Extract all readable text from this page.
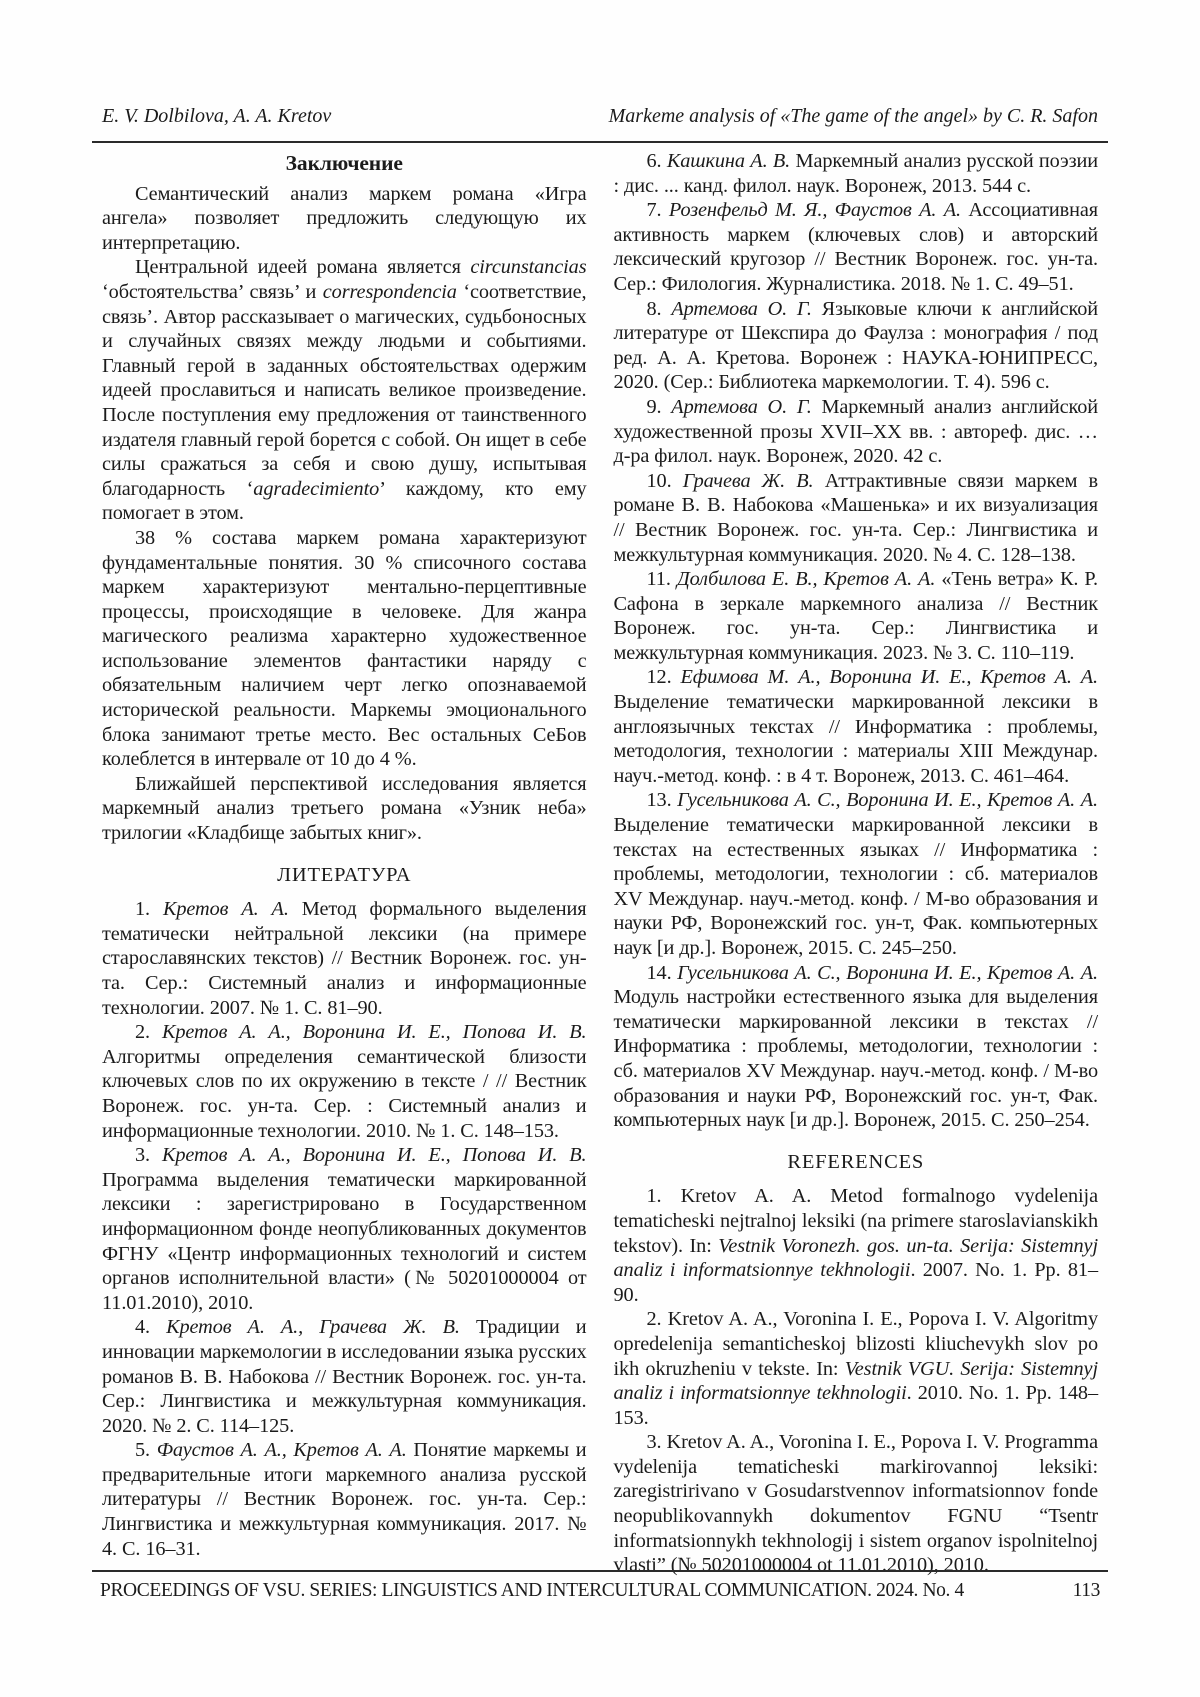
E. V. Dolbilova, A. A. Kretov	Markeme analysis of «The game of the angel» by C. R. Safon
Заключение

Семантический анализ маркем романа «Игра ангела» позволяет предложить следующую их интерпретацию.

Центральной идеей романа является circunstancias ‘обстоятельства’ связь’ и correspondencia ‘соответствие, связь’. Автор рассказывает о магических, судьбоносных и случайных связях между людьми и событиями. Главный герой в заданных обстоятельствах одержим идеей прославиться и написать великое произведение. После поступления ему предложения от таинственного издателя главный герой борется с собой. Он ищет в себе силы сражаться за себя и свою душу, испытывая благодарность ‘agradecimiento’ каждому, кто ему помогает в этом.

38 % состава маркем романа характеризуют фундаментальные понятия. 30 % списочного состава маркем характеризуют ментально-перцептивные процессы, происходящие в человеке. Для жанра магического реализма характерно художественное использование элементов фантастики наряду с обязательным наличием черт легко опознаваемой исторической реальности. Маркемы эмоционального блока занимают третье место. Вес остальных СеБов колеблется в интервале от 10 до 4 %.

Ближайшей перспективой исследования является маркемный анализ третьего романа «Узник неба» трилогии «Кладбище забытых книг».

ЛИТЕРАТУРА

1. Кретов А. А. Метод формального выделения тематически нейтральной лексики (на примере старославянских текстов) // Вестник Воронеж. гос. ун-та. Сер.: Системный анализ и информационные технологии. 2007. № 1. С. 81–90.

2. Кретов А. А., Воронина И. Е., Попова И. В. Алгоритмы определения семантической близости ключевых слов по их окружению в тексте / // Вестник Воронеж. гос. ун-та. Сер. : Системный анализ и информационные технологии. 2010. № 1. С. 148–153.

3. Кретов А. А., Воронина И. Е., Попова И. В. Программа выделения тематически маркированной лексики : зарегистрировано в Государственном информационном фонде неопубликованных документов ФГНУ «Центр информационных технологий и систем органов исполнительной власти» (№ 50201000004 от 11.01.2010), 2010.

4. Кретов А. А., Грачева Ж. В. Традиции и инновации маркемологии в исследовании языка русских романов В. В. Набокова // Вестник Воронеж. гос. ун-та. Сер.: Лингвистика и межкультурная коммуникация. 2020. № 2. С. 114–125.

5. Фаустов А. А., Кретов А. А. Понятие маркемы и предварительные итоги маркемного анализа русской литературы // Вестник Воронеж. гос. ун-та. Сер.: Лингвистика и межкультурная коммуникация. 2017. № 4. С. 16–31.

6. Кашкина А. В. Маркемный анализ русской поэзии : дис. ... канд. филол. наук. Воронеж, 2013. 544 с.

7. Розенфельд М. Я., Фаустов А. А. Ассоциативная активность маркем (ключевых слов) и авторский лексический кругозор // Вестник Воронеж. гос. ун-та. Сер.: Филология. Журналистика. 2018. № 1. С. 49–51.

8. Артемова О. Г. Языковые ключи к английской литературе от Шекспира до Фаулза : монография / под ред. А. А. Кретова. Воронеж : НАУКА-ЮНИПРЕСС, 2020. (Сер.: Библиотека маркемологии. Т. 4). 596 с.

9. Артемова О. Г. Маркемный анализ английской художественной прозы XVII–XX вв. : автореф. дис. … д-ра филол. наук. Воронеж, 2020. 42 с.

10. Грачева Ж. В. Аттрактивные связи маркем в романе В. В. Набокова «Машенька» и их визуализация // Вестник Воронеж. гос. ун-та. Сер.: Лингвистика и межкультурная коммуникация. 2020. № 4. С. 128–138.

11. Долбилова Е. В., Кретов А. А. «Тень ветра» К. Р. Сафона в зеркале маркемного анализа // Вестник Воронеж. гос. ун-та. Сер.: Лингвистика и межкультурная коммуникация. 2023. № 3. С. 110–119.

12. Ефимова М. А., Воронина И. Е., Кретов А. А. Выделение тематически маркированной лексики в англоязычных текстах // Информатика : проблемы, методология, технологии : материалы XIII Междунар. науч.-метод. конф. : в 4 т. Воронеж, 2013. С. 461–464.

13. Гусельникова А. С., Воронина И. Е., Кретов А. А. Выделение тематически маркированной лексики в текстах на естественных языках // Информатика : проблемы, методологии, технологии : сб. материалов XV Междунар. науч.-метод. конф. / М-во образования и науки РФ, Воронежский гос. ун-т, Фак. компьютерных наук [и др.]. Воронеж, 2015. С. 245–250.

14. Гусельникова А. С., Воронина И. Е., Кретов А. А. Модуль настройки естественного языка для выделения тематически маркированной лексики в текстах // Информатика : проблемы, методологии, технологии : сб. материалов XV Междунар. науч.-метод. конф. / М-во образования и науки РФ, Воронежский гос. ун-т, Фак. компьютерных наук [и др.]. Воронеж, 2015. С. 250–254.

REFERENCES

1. Kretov A. A. Metod formalnogo vydelenija tematicheski nejtralnoj leksiki (na primere staroslavianskikh tekstov). In: Vestnik Voronezh. gos. un-ta. Serija: Sistemnyj analiz i informatsionnye tekhnologii. 2007. No. 1. Pp. 81–90.

2. Kretov A. A., Voronina I. E., Popova I. V. Algoritmy opredelenija semanticheskoj blizosti kliuchevykh slov po ikh okruzheniu v tekste. In: Vestnik VGU. Serija: Sistemnyj analiz i informatsionnye tekhnologii. 2010. No. 1. Pp. 148–153.

3. Kretov A. A., Voronina I. E., Popova I. V. Programma vydelenija tematicheski markirovannoj leksiki: zaregistririvano v Gosudarstvennov informatsionnov fonde neopublikovannykh dokumentov FGNU “Tsentr informatsionnykh tekhnologij i sistem organov ispolnitelnoj vlasti” (№ 50201000004 ot 11.01.2010), 2010.

PROCEEDINGS OF VSU. SERIES: LINGUISTICS AND INTERCULTURAL COMMUNICATION. 2024. No. 4	113
